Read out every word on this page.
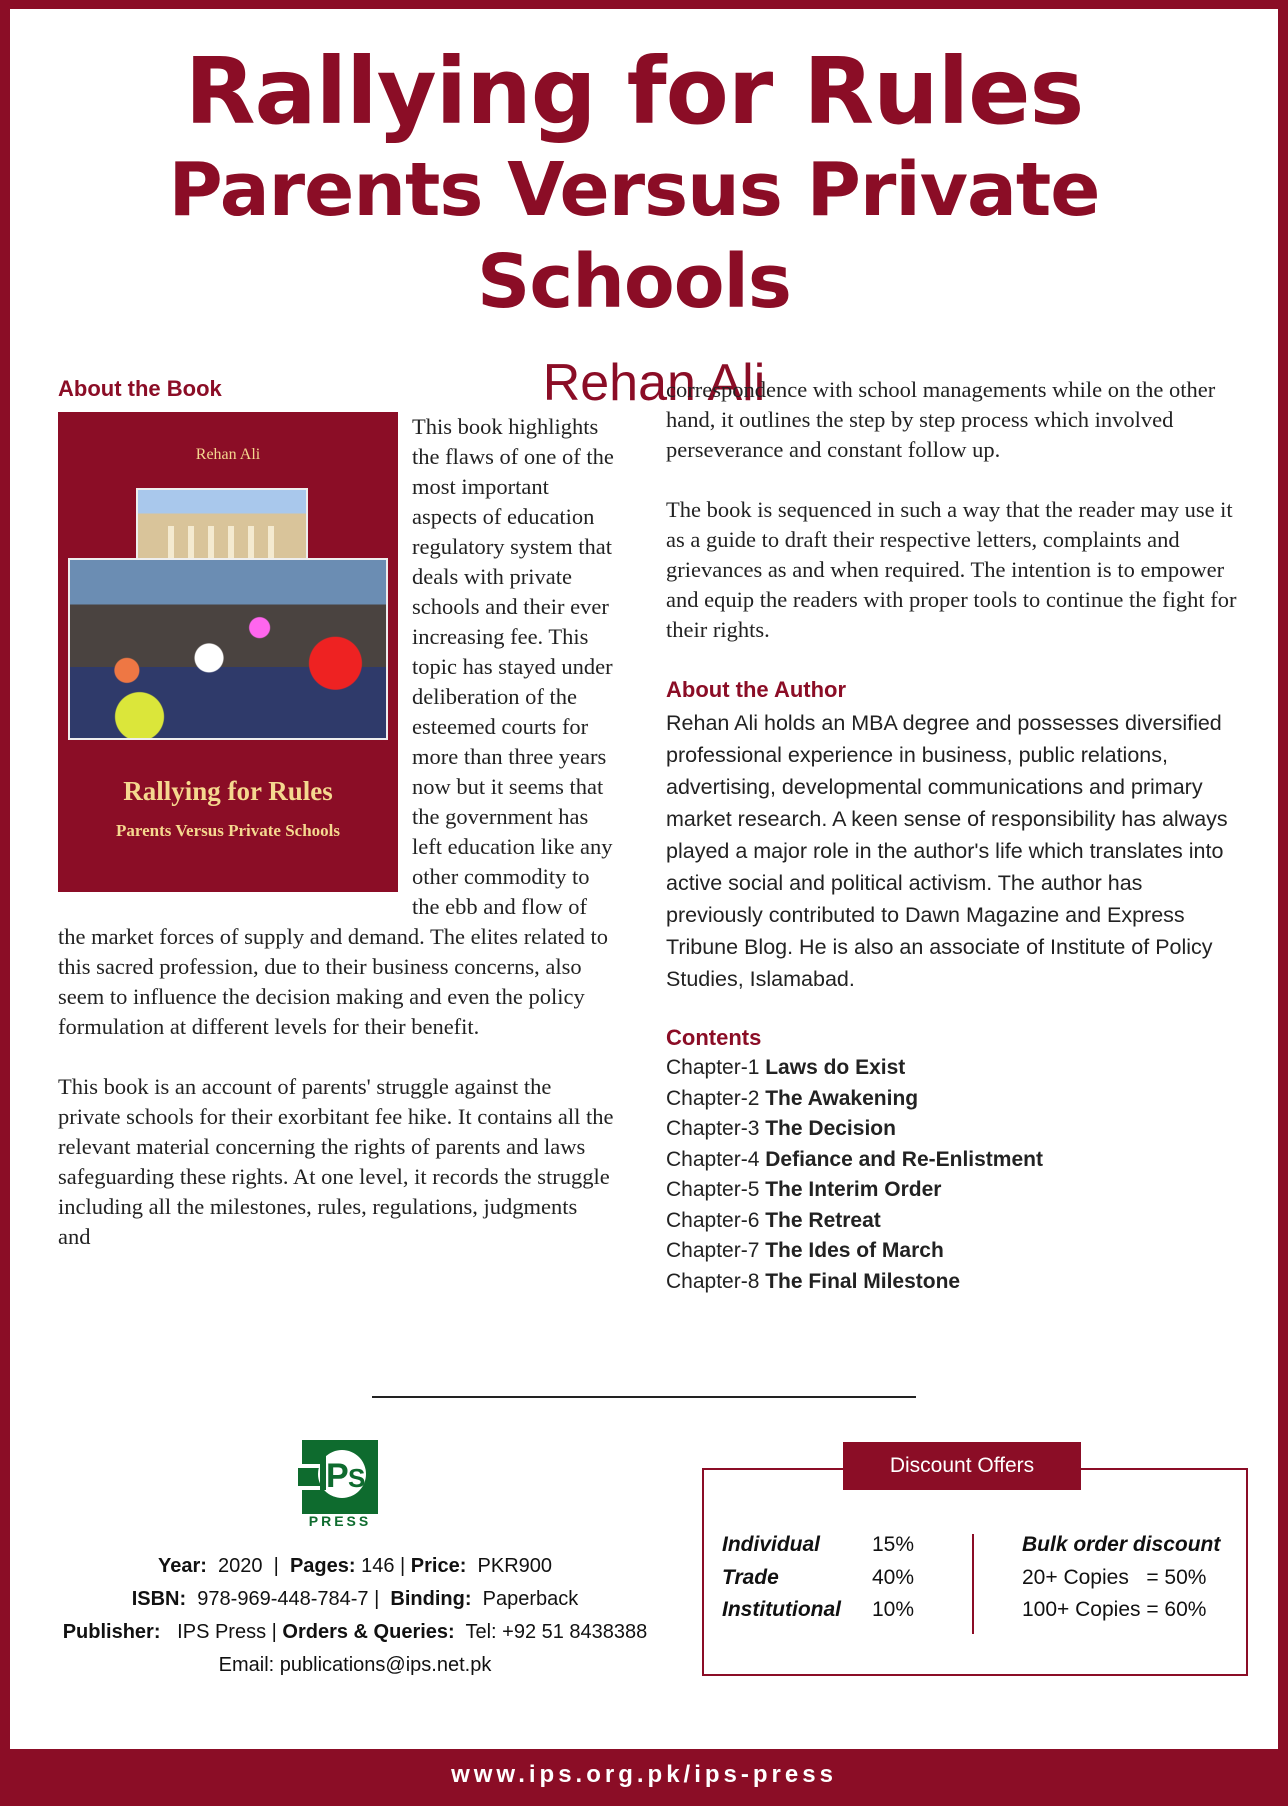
Rallying for Rules
Parents Versus Private Schools
Rehan Ali
About the Book
Rehan Ali
Rallying for Rules
Parents Versus Private Schools

This book highlights the flaws of one of the most important aspects of education regulatory system that deals with private schools and their ever increasing fee. This topic has stayed under deliberation of the esteemed courts for more than three years now but it seems that the government has left education like any other commodity to the ebb and flow of the market forces of supply and demand. The elites related to this sacred profession, due to their business concerns, also seem to influence the decision making and even the policy formulation at different levels for their benefit.

This book is an account of parents' struggle against the private schools for their exorbitant fee hike. It contains all the relevant material concerning the rights of parents and laws safeguarding these rights. At one level, it records the struggle including all the milestones, rules, regulations, judgments and

correspondence with school managements while on the other hand, it outlines the step by step process which involved perseverance and constant follow up.

The book is sequenced in such a way that the reader may use it as a guide to draft their respective letters, complaints and grievances as and when required. The intention is to empower and equip the readers with proper tools to continue the fight for their rights.

About the Author
Rehan Ali holds an MBA degree and possesses diversified professional experience in business, public relations, advertising, developmental communications and primary market research. A keen sense of responsibility has always played a major role in the author's life which translates into active social and political activism. The author has previously contributed to Dawn Magazine and Express Tribune Blog. He is also an associate of Institute of Policy Studies, Islamabad.
Contents
Chapter-1 Laws do Exist
Chapter-2 The Awakening
Chapter-3 The Decision
Chapter-4 Defiance and Re-Enlistment
Chapter-5 The Interim Order
Chapter-6 The Retreat
Chapter-7 The Ides of March
Chapter-8 The Final Milestone
P S
PRESS
Year: 2020  |  Pages: 146 | Price: PKR900
ISBN: 978-969-448-784-7 |  Binding: Paperback
Publisher: IPS Press | Orders & Queries: Tel: +92 51 8438388
Email: publications@ips.net.pk
Discount Offers
Individual 15%
Trade	40%
Institutional 10%
Bulk order discount
20+ Copies   = 50%
100+ Copies = 60%
www.ips.org.pk/ips-press
